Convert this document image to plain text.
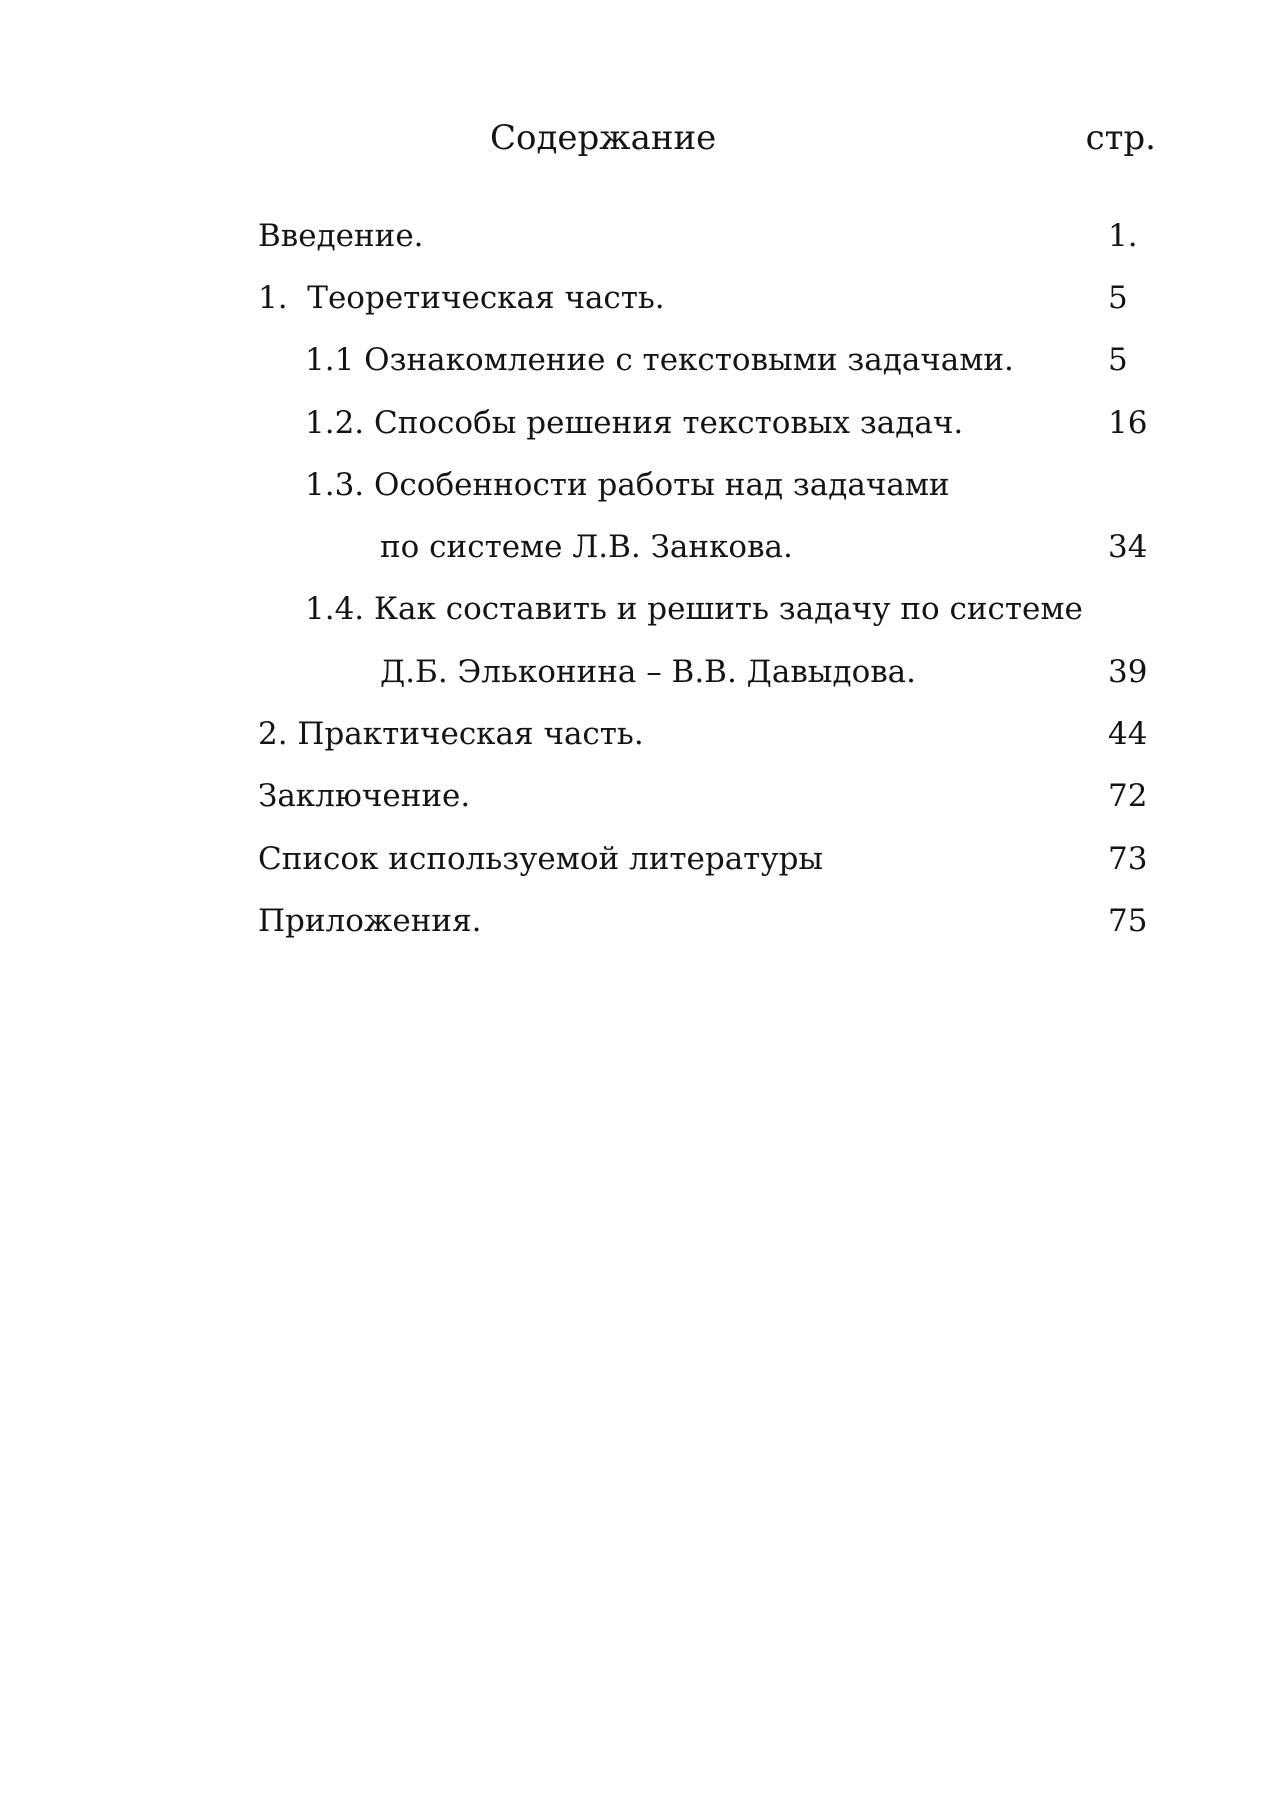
Содержание	стр.
Введение.	1.
1.  Теоретическая часть.	5
1.1 Ознакомление с текстовыми задачами.	5
1.2. Способы решения текстовых задач.	16
1.3. Особенности работы над задачами
по системе Л.В. Занкова.	34
1.4. Как составить и решить задачу по системе
Д.Б. Эльконина – В.В. Давыдова.	39
2. Практическая часть.	44
Заключение.	72
Список используемой литературы	73
Приложения.	75
